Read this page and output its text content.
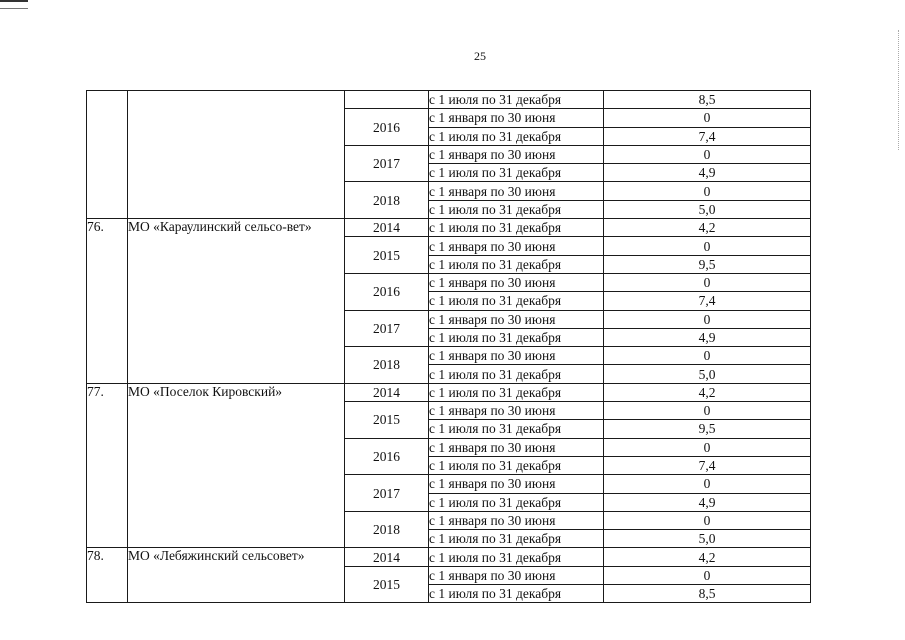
25
			с 1 июля по 31 декабря	8,5
		2016	с 1 января по 30 июня	0
			с 1 июля по 31 декабря	7,4
		2017	с 1 января по 30 июня	0
			с 1 июля по 31 декабря	4,9
		2018	с 1 января по 30 июня	0
			с 1 июля по 31 декабря	5,0
76.	МО «Караулинский сельсо-вет»	2014	с 1 июля по 31 декабря	4,2
		2015	с 1 января по 30 июня	0
			с 1 июля по 31 декабря	9,5
		2016	с 1 января по 30 июня	0
			с 1 июля по 31 декабря	7,4
		2017	с 1 января по 30 июня	0
			с 1 июля по 31 декабря	4,9
		2018	с 1 января по 30 июня	0
			с 1 июля по 31 декабря	5,0
77.	МО «Поселок Кировский»	2014	с 1 июля по 31 декабря	4,2
		2015	с 1 января по 30 июня	0
			с 1 июля по 31 декабря	9,5
		2016	с 1 января по 30 июня	0
			с 1 июля по 31 декабря	7,4
		2017	с 1 января по 30 июня	0
			с 1 июля по 31 декабря	4,9
		2018	с 1 января по 30 июня	0
			с 1 июля по 31 декабря	5,0
78.	МО «Лебяжинский сельсовет»	2014	с 1 июля по 31 декабря	4,2
		2015	с 1 января по 30 июня	0
			с 1 июля по 31 декабря	8,5
